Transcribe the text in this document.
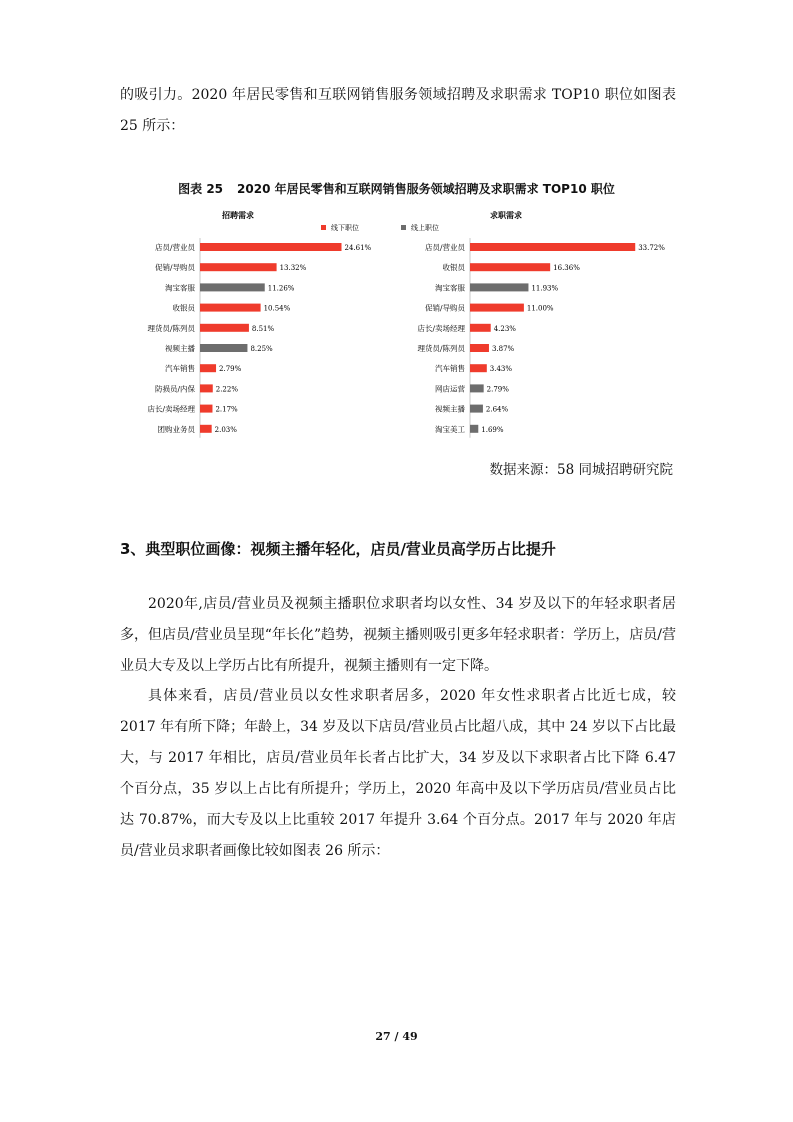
的吸引力。2020 年居民零售和互联网销售服务领域招聘及求职需求 TOP10 职位如图表 25 所示：
图表 25 2020 年居民零售和互联网销售服务领域招聘及求职需求 TOP10 职位
招聘需求	求职需求
线下职位	线上职位
店员/营业员	24.61%
促销/导购员	13.32%
淘宝客服	11.26%
收银员	10.54%
理货员/陈列员	8.51%
视频主播	8.25%
汽车销售	2.79%
防损员/内保	2.22%
店长/卖场经理	2.17%
团购业务员	2.03%
店员/营业员	33.72%
收银员	16.36%
淘宝客服	11.93%
促销/导购员	11.00%
店长/卖场经理	4.23%
理货员/陈列员	3.87%
汽车销售	3.43%
网店运营	2.79%
视频主播	2.64%
淘宝美工 1.69%
数据来源：58 同城招聘研究院
3、典型职位画像：视频主播年轻化，店员/营业员高学历占比提升
2020年,店员/营业员及视频主播职位求职者均以女性、34 岁及以下的年轻求职者居多，但店员/营业员呈现“年长化”趋势，视频主播则吸引更多年轻求职者：学历上，店员/营业员大专及以上学历占比有所提升，视频主播则有一定下降。
具体来看，店员/营业员以女性求职者居多，2020 年女性求职者占比近七成，较 2017 年有所下降；年龄上，34 岁及以下店员/营业员占比超八成，其中 24 岁以下占比最大，与 2017 年相比，店员/营业员年长者占比扩大，34 岁及以下求职者占比下降 6.47 个百分点，35 岁以上占比有所提升；学历上，2020 年高中及以下学历店员/营业员占比达 70.87%，而大专及以上比重较 2017 年提升 3.64 个百分点。2017 年与 2020 年店员/营业员求职者画像比较如图表 26 所示：
27 / 49
